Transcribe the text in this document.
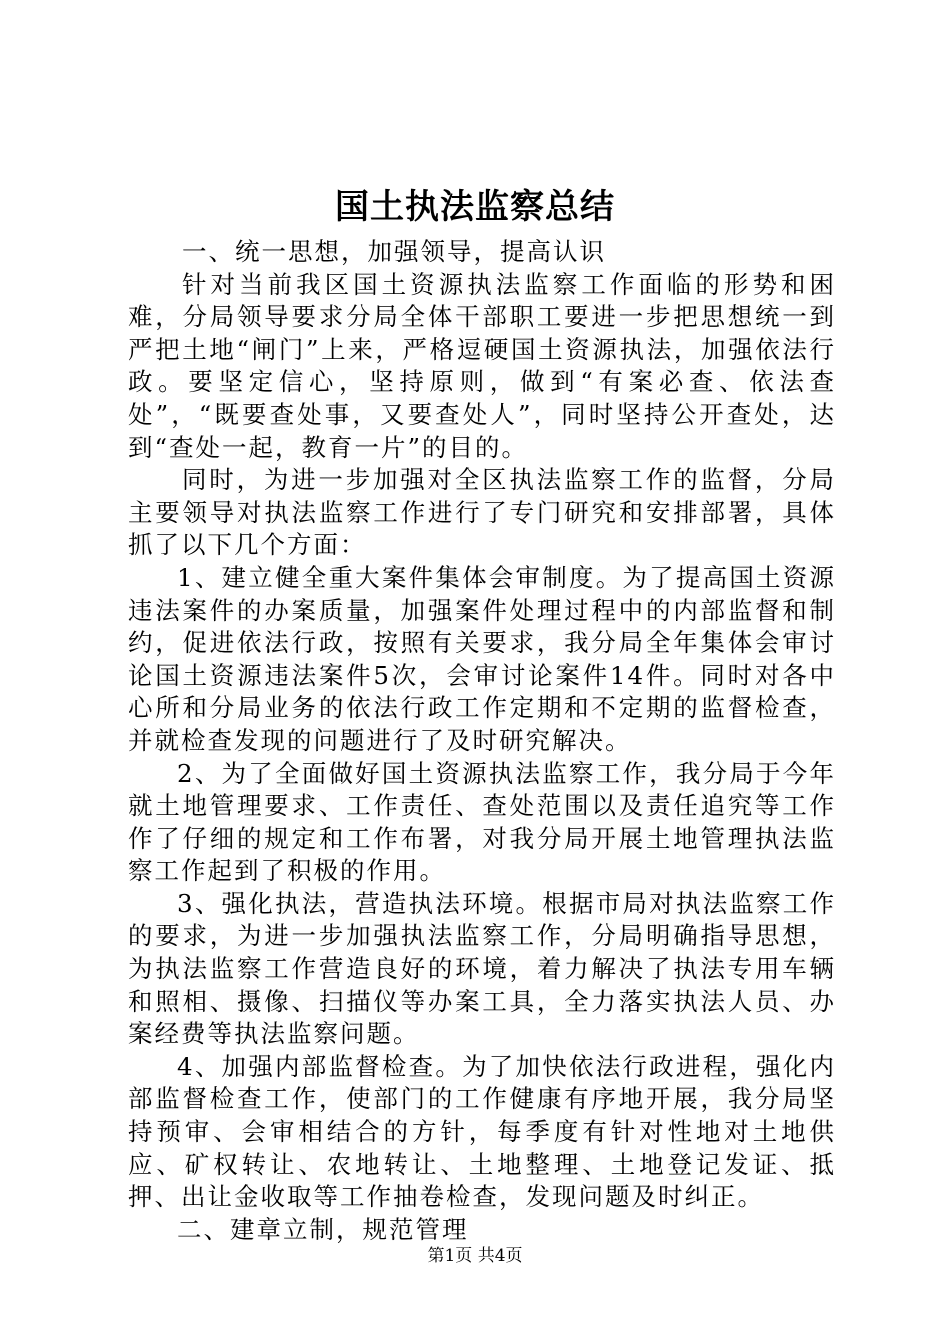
国土执法监察总结

一、统一思想，加强领导，提高认识

针对当前我区国土资源执法监察工作面临的形势和困难，分局领导要求分局全体干部职工要进一步把思想统一到严把土地“闸门”上来，严格逗硬国土资源执法，加强依法行政。要坚定信心，坚持原则，做到“有案必查、依法查处”，“既要查处事，又要查处人”，同时坚持公开查处，达到“查处一起，教育一片”的目的。

同时，为进一步加强对全区执法监察工作的监督，分局主要领导对执法监察工作进行了专门研究和安排部署，具体抓了以下几个方面：

1、建立健全重大案件集体会审制度。为了提高国土资源违法案件的办案质量，加强案件处理过程中的内部监督和制约，促进依法行政，按照有关要求，我分局全年集体会审讨论国土资源违法案件5次，会审讨论案件14件。同时对各中心所和分局业务的依法行政工作定期和不定期的监督检查，并就检查发现的问题进行了及时研究解决。

2、为了全面做好国土资源执法监察工作，我分局于今年就土地管理要求、工作责任、查处范围以及责任追究等工作作了仔细的规定和工作布署，对我分局开展土地管理执法监察工作起到了积极的作用。

3、强化执法，营造执法环境。根据市局对执法监察工作的要求，为进一步加强执法监察工作，分局明确指导思想，为执法监察工作营造良好的环境，着力解决了执法专用车辆和照相、摄像、扫描仪等办案工具，全力落实执法人员、办案经费等执法监察问题。

4、加强内部监督检查。为了加快依法行政进程，强化内部监督检查工作，使部门的工作健康有序地开展，我分局坚持预审、会审相结合的方针，每季度有针对性地对土地供应、矿权转让、农地转让、土地整理、土地登记发证、抵押、出让金收取等工作抽卷检查，发现问题及时纠正。

二、建章立制，规范管理

第1页 共4页
